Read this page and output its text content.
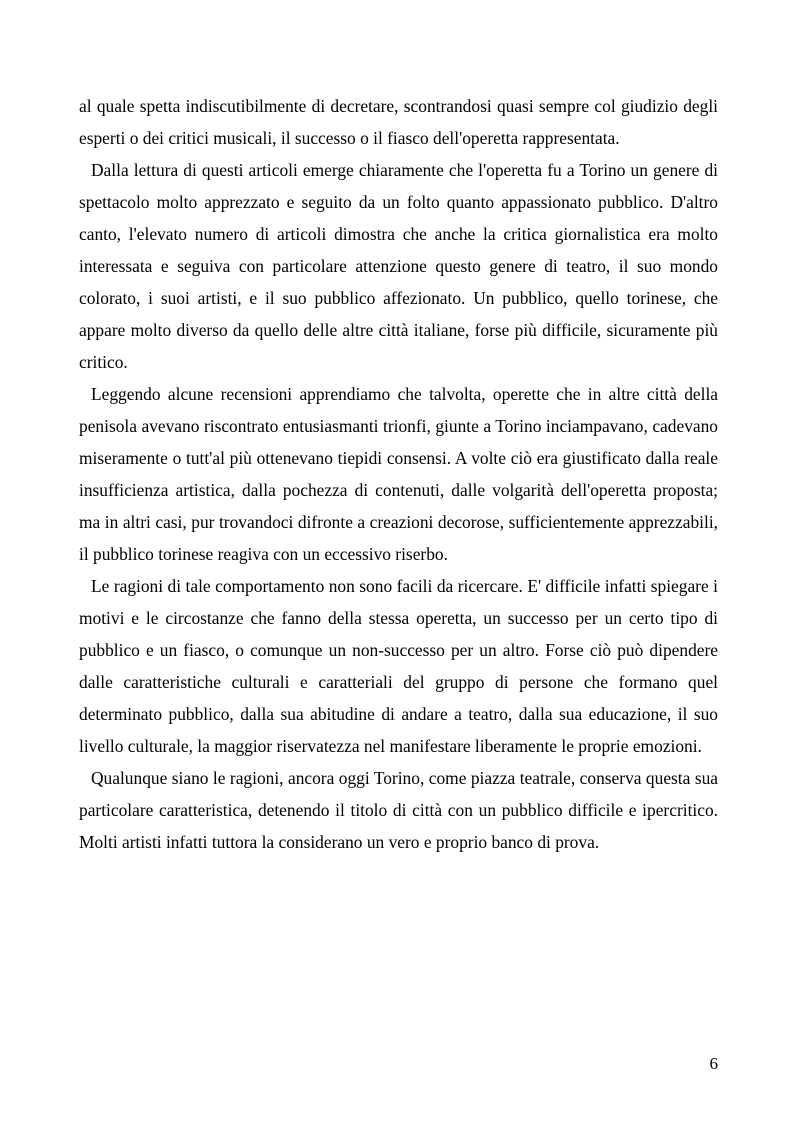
al quale spetta indiscutibilmente di decretare, scontrandosi quasi sempre col giudizio degli esperti o dei critici musicali, il successo o il fiasco dell'operetta rappresentata.

Dalla lettura di questi articoli emerge chiaramente che l'operetta fu a Torino un genere di spettacolo molto apprezzato e seguito da un folto quanto appassionato pubblico. D'altro canto, l'elevato numero di articoli dimostra che anche la critica giornalistica era molto interessata e seguiva con particolare attenzione questo genere di teatro, il suo mondo colorato, i suoi artisti, e il suo pubblico affezionato. Un pubblico, quello torinese, che appare molto diverso da quello delle altre città italiane, forse più difficile, sicuramente più critico.

Leggendo alcune recensioni apprendiamo che talvolta, operette che in altre città della penisola avevano riscontrato entusiasmanti trionfi, giunte a Torino inciampavano, cadevano miseramente o tutt'al più ottenevano tiepidi consensi. A volte ciò era giustificato dalla reale insufficienza artistica, dalla pochezza di contenuti, dalle volgarità dell'operetta proposta; ma in altri casi, pur trovandoci difronte a creazioni decorose, sufficientemente apprezzabili, il pubblico torinese reagiva con un eccessivo riserbo.

Le ragioni di tale comportamento non sono facili da ricercare. E' difficile infatti spiegare i motivi e le circostanze che fanno della stessa operetta, un successo per un certo tipo di pubblico e un fiasco, o comunque un non-successo per un altro. Forse ciò può dipendere dalle caratteristiche culturali e caratteriali del gruppo di persone che formano quel determinato pubblico, dalla sua abitudine di andare a teatro, dalla sua educazione, il suo livello culturale, la maggior riservatezza nel manifestare liberamente le proprie emozioni.

Qualunque siano le ragioni, ancora oggi Torino, come piazza teatrale, conserva questa sua particolare caratteristica, detenendo il titolo di città con un pubblico difficile e ipercritico. Molti artisti infatti tuttora la considerano un vero e proprio banco di prova.

6
